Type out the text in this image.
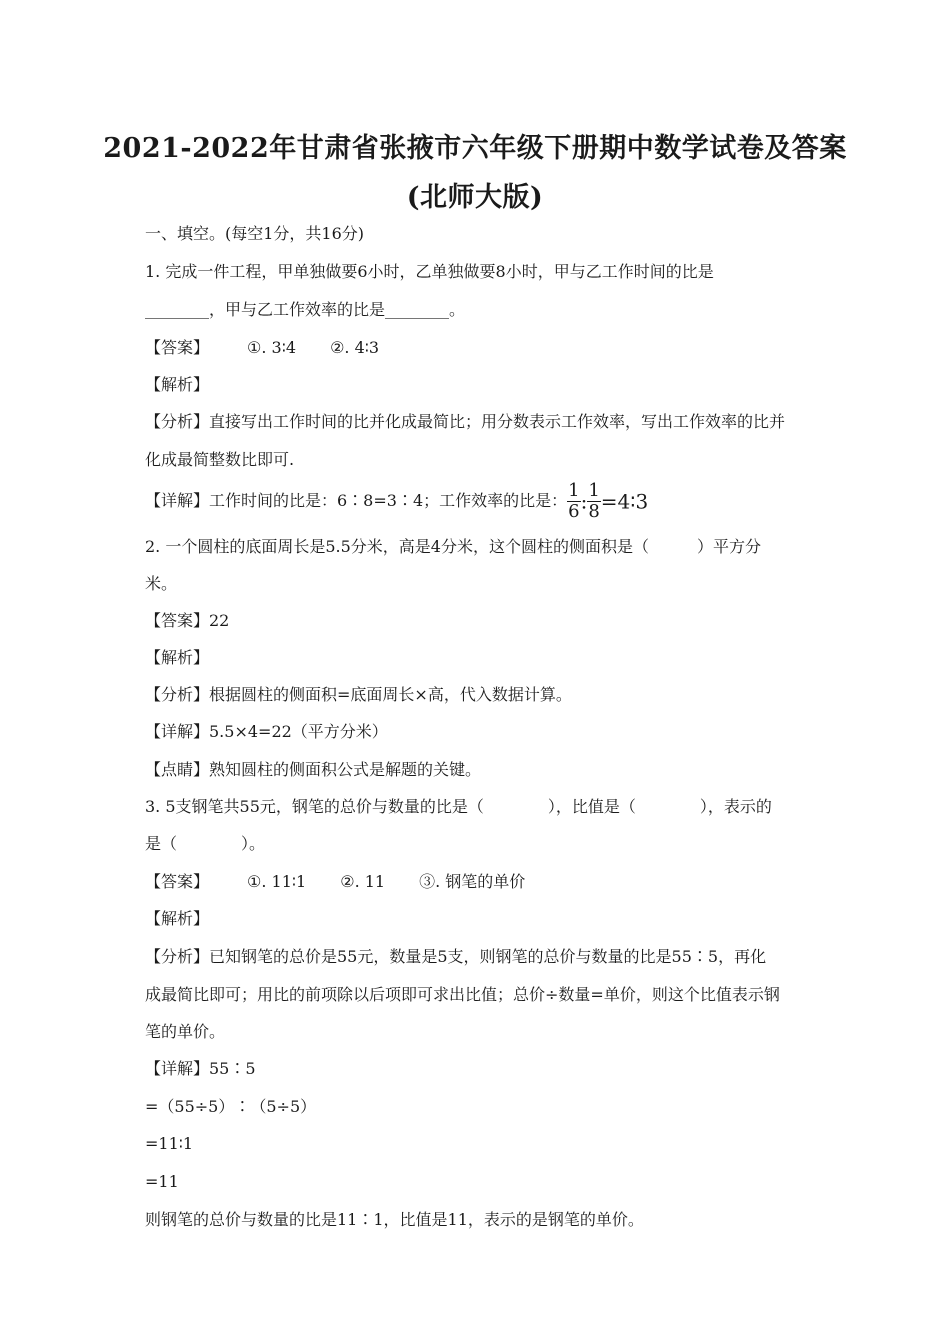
2021-2022年甘肃省张掖市六年级下册期中数学试卷及答案
(北师大版)
一、填空。(每空1分，共16分)
1. 完成一件工程，甲单独做要6小时，乙单独做要8小时，甲与乙工作时间的比是
________，甲与乙工作效率的比是________。
【答案】 ①. 3∶4 ②. 4∶3
【解析】
【分析】直接写出工作时间的比并化成最简比；用分数表示工作效率，写出工作效率的比并
化成最简整数比即可.
【详解】工作时间的比是：6∶8=3∶4；工作效率的比是： $\frac{1}{6}$ : $\frac{1}{8}$ =4∶3
2. 一个圆柱的底面周长是5.5分米，高是4分米，这个圆柱的侧面积是（　　　）平方分
米。
【答案】22
【解析】
【分析】根据圆柱的侧面积=底面周长×高，代入数据计算。
【详解】5.5×4=22（平方分米）
【点睛】熟知圆柱的侧面积公式是解题的关键。
3. 5支钢笔共55元，钢笔的总价与数量的比是（　　　　），比值是（　　　　），表示的
是（　　　　）。
【答案】 ①. 11∶1 ②. 11 ③. 钢笔的单价
【解析】
【分析】已知钢笔的总价是55元，数量是5支，则钢笔的总价与数量的比是55∶5，再化
成最简比即可；用比的前项除以后项即可求出比值；总价÷数量=单价，则这个比值表示钢
笔的单价。
【详解】55∶5
=（55÷5）∶（5÷5）
=11∶1
=11
则钢笔的总价与数量的比是11∶1，比值是11，表示的是钢笔的单价。
